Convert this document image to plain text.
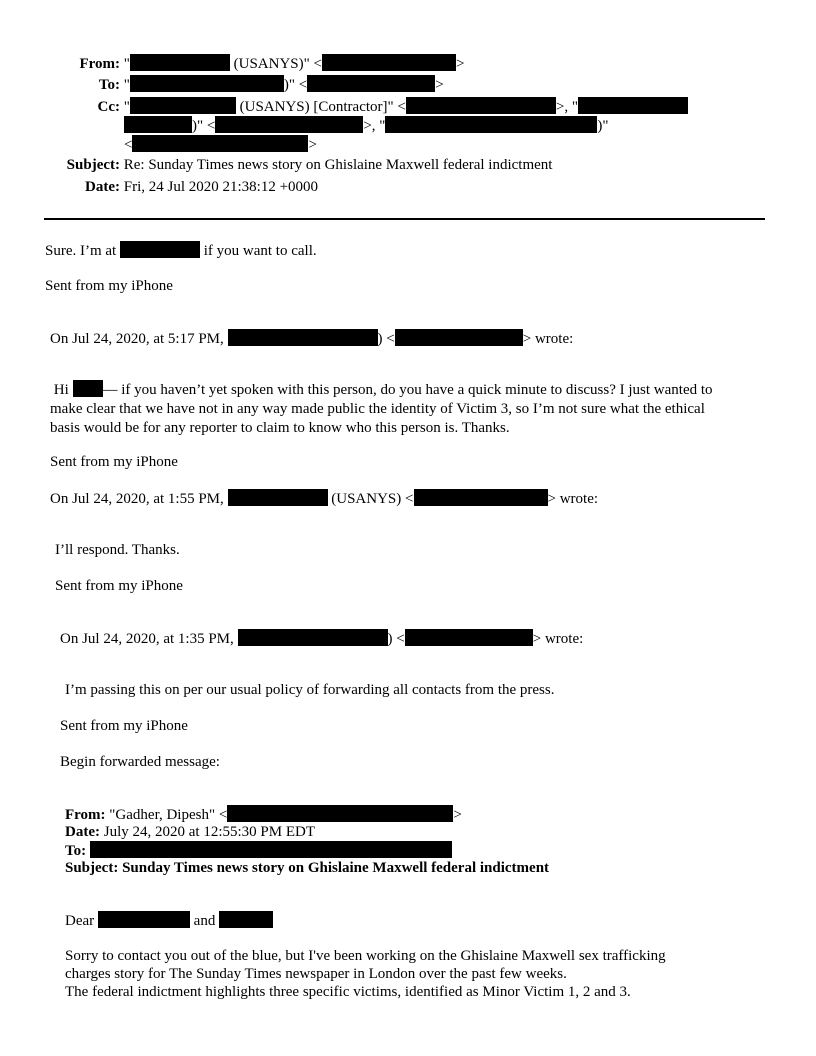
From: "	(USANYS)" <	>
To: "	)" <	>
Cc: "	(USANYS) [Contractor]" <	>, "
)" <	>, "	)"
<	>
Subject: Re: Sunday Times news story on Ghislaine Maxwell federal indictment
Date: Fri, 24 Jul 2020 21:38:12 +0000
Sure. I’m at	if you want to call.
Sent from my iPhone
On Jul 24, 2020, at 5:17 PM,	) <	> wrote:
Hi — if you haven’t yet spoken with this person, do you have a quick minute to discuss? I just wanted to
make clear that we have not in any way made public the identity of Victim 3, so I’m not sure what the ethical
basis would be for any reporter to claim to know who this person is. Thanks.
Sent from my iPhone
On Jul 24, 2020, at 1:55 PM,	(USANYS) <	> wrote:
I’ll respond. Thanks.
Sent from my iPhone
On Jul 24, 2020, at 1:35 PM,	) <	> wrote:
I’m passing this on per our usual policy of forwarding all contacts from the press.
Sent from my iPhone
Begin forwarded message:
From: "Gadher, Dipesh" <	>
Date: July 24, 2020 at 12:55:30 PM EDT
To:
Subject: Sunday Times news story on Ghislaine Maxwell federal indictment
Dear	and
Sorry to contact you out of the blue, but I've been working on the Ghislaine Maxwell sex trafficking
charges story for The Sunday Times newspaper in London over the past few weeks.
The federal indictment highlights three specific victims, identified as Minor Victim 1, 2 and 3.
